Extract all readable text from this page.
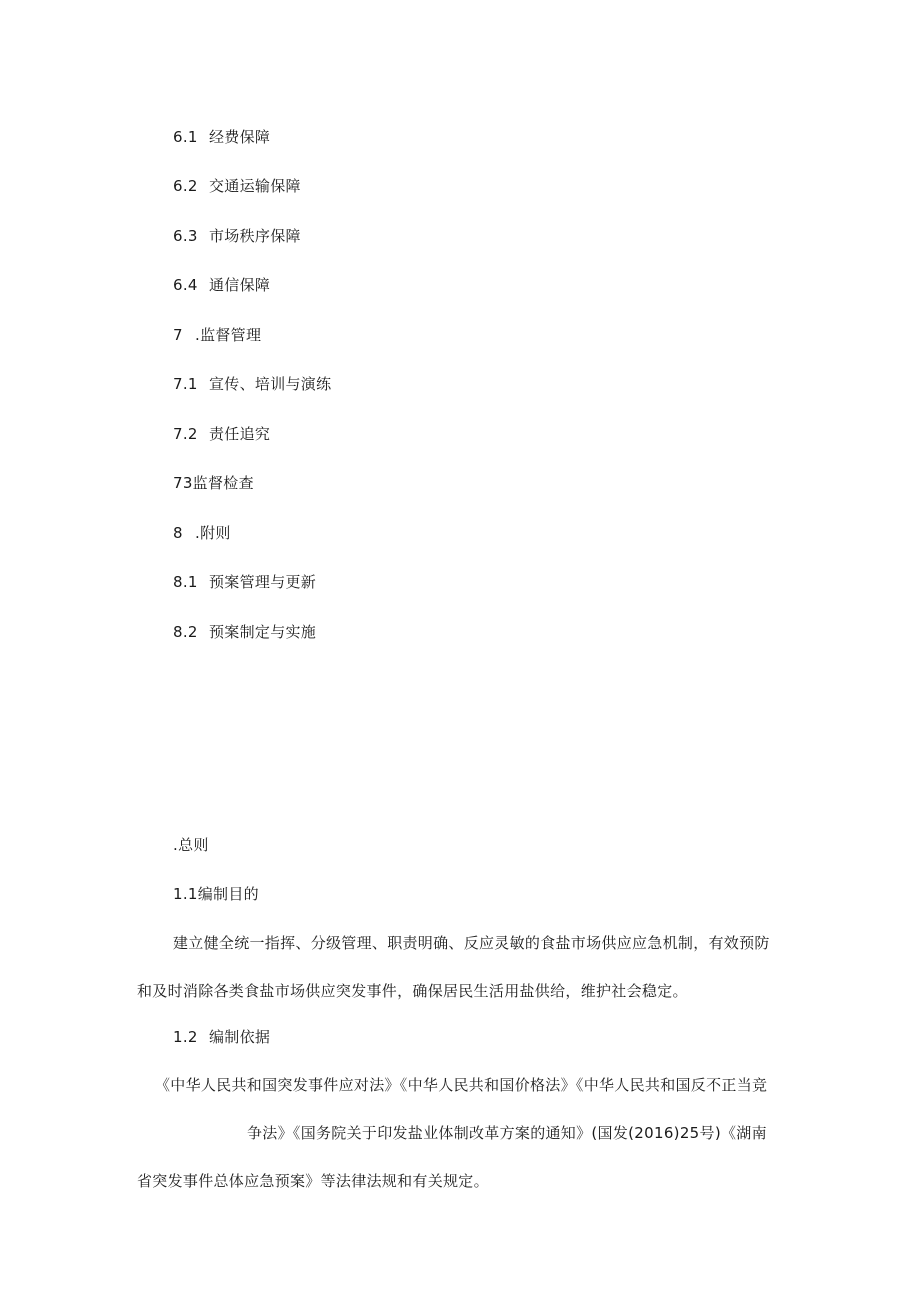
6.1 经费保障
6.2 交通运输保障
6.3 市场秩序保障
6.4 通信保障
7 .监督管理
7.1 宣传、培训与演练
7.2 责任追究
73监督检查
8 .附则
8.1 预案管理与更新
8.2 预案制定与实施
.总则
1.1编制目的
建立健全统一指挥、分级管理、职责明确、反应灵敏的食盐市场供应应急机制，有效预防
和及时消除各类食盐市场供应突发事件，确保居民生活用盐供给，维护社会稳定。
1.2 编制依据
《中华人民共和国突发事件应对法》《中华人民共和国价格法》《中华人民共和国反不正当竞
争法》《国务院关于印发盐业体制改革方案的通知》(国发(2016)25号)《湖南
省突发事件总体应急预案》等法律法规和有关规定。
